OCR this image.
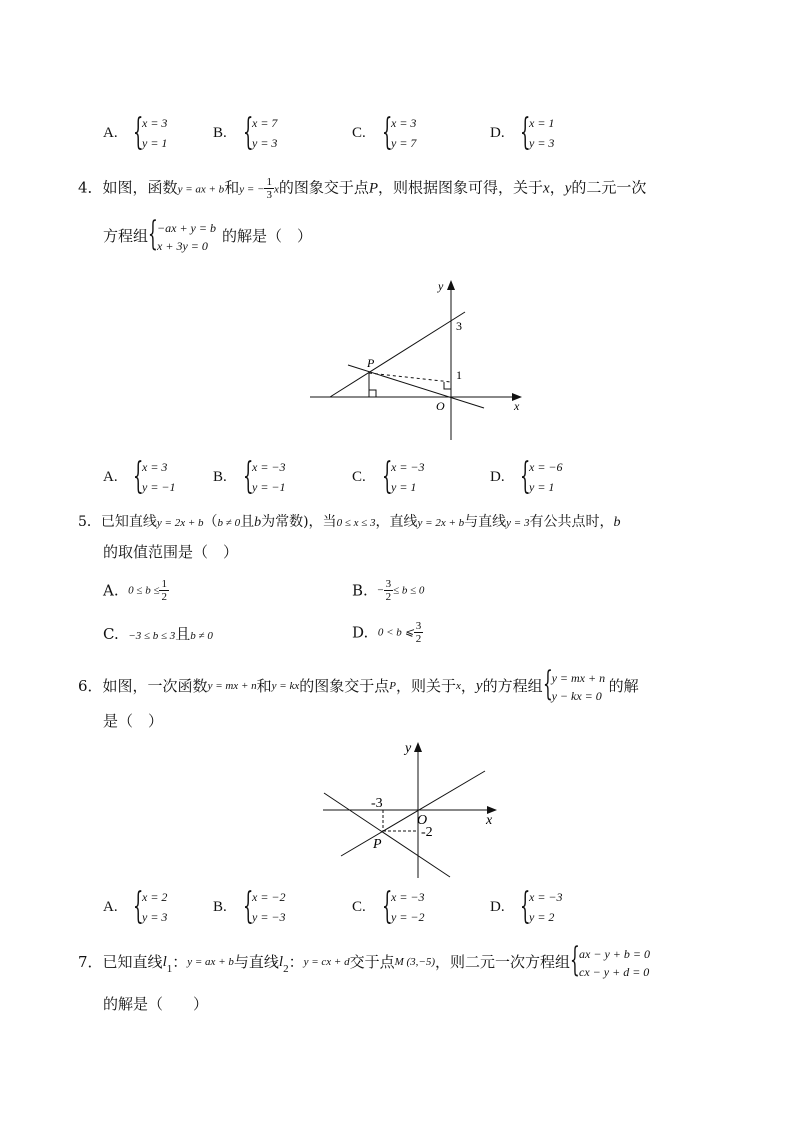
A. {
x = 3
y = 1
B. {
x = 7
y = 3
C. {
x = 3
y = 7
D. {
x = 1
y = 3
4．如图，函数y = ax + b和y = − $\frac{1}{3}$ x的图象交于点P，则根据图象可得，关于x，y的二元一次
方程组 { −ax + y = b
x + 3y = 0
的解是（　）
y
x
O
P
3
1
A. {
x = 3
y = −1
B. {
x = −3
y = −1
C. {
x = −3
y = 1
D. {
x = −6
y = 1
5．已知直线y = 2x + b（b ≠ 0且b为常数)，当0 ≤ x ≤ 3，直线y = 2x + b与直线y = 3有公共点时，b
的取值范围是（　）
A. $0 \le b \le \frac{1}{2}$	B. − $\frac{3}{2} \le b \le 0$
C. −3 ≤ b ≤ 3且b ≠ 0	D. 0 < b ⩽ $\frac{3}{2}$
6．如图，一次函数y = mx + n和y = kx的图象交于点P，则关于x，y的方程组 { y = mx + n
y − kx = 0
的解
是（　）
y
x
O
P
-3
-2
A. {
x = 2
y = 3
B. {
x = −2
y = −3
C. {
x = −3
y = −2
D. {
x = −3
y = 2
7．已知直线$l_1$：y = ax + b与直线$l_2$：y = cx + d交于点M (3,−5)，则二元一次方程组 { ax − y + b = 0
cx − y + d = 0
的解是（　　）
